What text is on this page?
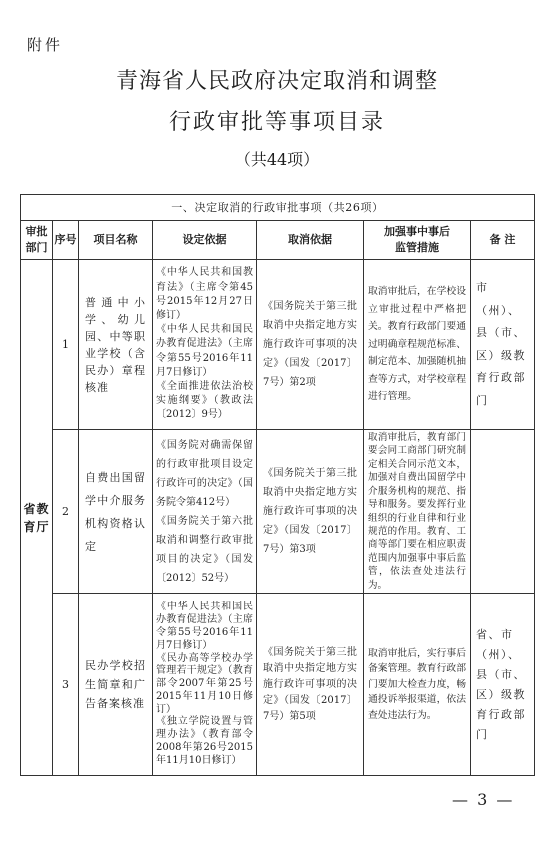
附件
青海省人民政府决定取消和调整
行政审批等事项目录
（共44项）
一、决定取消的行政审批事项（共26项）						

审批
部门	序号	项目名称	设定依据	取消依据	加强事中事后
监管措施	备 注

省教育厅	1	普通中小学、幼儿园、中等职业学校（含民办）章程核准	《中华人民共和国教育法》（主席令第45号2015年12月27日修订）
《中华人民共和国民办教育促进法》（主席令第55号2016年11月7日修订）
《全面推进依法治校实施纲要》（教政法〔2012〕9号）	《国务院关于第三批取消中央指定地方实施行政许可事项的决定》（国发〔2017〕7号）第2项	取消审批后，在学校设立审批过程中严格把关。教育行政部门要通过明确章程规范标准、制定范本、加强随机抽查等方式，对学校章程进行管理。	市（州）、县（市、区）级教育行政部门

	2	自费出国留学中介服务机构资格认定	《国务院对确需保留的行政审批项目设定行政许可的决定》（国务院令第412号）
《国务院关于第六批取消和调整行政审批项目的决定》（国发〔2012〕52号）	《国务院关于第三批取消中央指定地方实施行政许可事项的决定》（国发〔2017〕7号）第3项	取消审批后，教育部门要会同工商部门研究制定相关合同示范文本，加强对自费出国留学中介服务机构的规范、指导和服务。要发挥行业组织的行业自律和行业规范的作用。教育、工商等部门要在相应职责范围内加强事中事后监管，依法查处违法行为。	

	3	民办学校招生简章和广告备案核准	《中华人民共和国民办教育促进法》（主席令第55号2016年11月7日修订）
《民办高等学校办学管理若干规定》（教育部令2007年第25号2015年11月10日修订）
《独立学院设置与管理办法》（教育部令2008年第26号2015年11月10日修订）	《国务院关于第三批取消中央指定地方实施行政许可事项的决定》（国发〔2017〕7号）第5项	取消审批后，实行事后备案管理。教育行政部门要加大检查力度，畅通投诉举报渠道，依法查处违法行为。	省、市（州）、县（市、区）级教育行政部门
— 3 —
